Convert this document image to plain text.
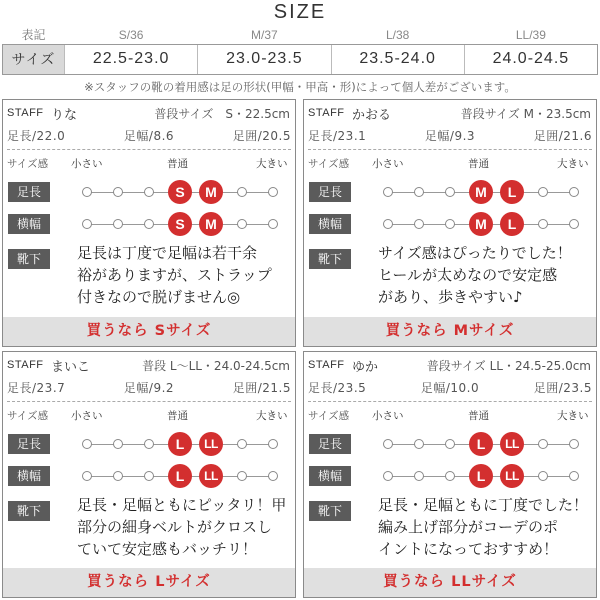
SIZE
表記	S/36	M/37	L/38	LL/39
サイズ	22.5-23.0	23.0-23.5	23.5-24.0	24.0-24.5
※スタッフの靴の着用感は足の形状(甲幅・甲高・形)によって個人差がございます。
STAFF りな	普段サイズ　S・22.5cm
足長/22.0	足幅/8.6	足囲/20.5
サイズ感 小さい	普通	大きい
足長	S	M
横幅	S	M
靴下	足長は丁度で足幅は若干余
裕がありますが、ストラップ
付きなので脱げません◎
買うなら Sサイズ
STAFF かおる	普段サイズ M・23.5cm
足長/23.1	足幅/9.3	足囲/21.6
サイズ感 小さい	普通	大きい
足長	M	L
横幅	M	L
靴下	サイズ感はぴったりでした！
ヒールが太めなので安定感
があり、歩きやすい♪
買うなら Mサイズ
STAFF まいこ	普段 L〜LL・24.0-24.5cm
足長/23.7	足幅/9.2	足囲/21.5
サイズ感 小さい	普通	大きい
足長	L	LL
横幅	L	LL
靴下	足長・足幅ともにピッタリ！甲
部分の細身ベルトがクロスし
ていて安定感もバッチリ！
買うなら Lサイズ
STAFF ゆか	普段サイズ LL・24.5-25.0cm
足長/23.5	足幅/10.0	足囲/23.5
サイズ感 小さい	普通	大きい
足長	L	LL
横幅	L	LL
靴下	足長・足幅ともに丁度でした！
編み上げ部分がコーデのポ
イントになっておすすめ！
買うなら LLサイズ
